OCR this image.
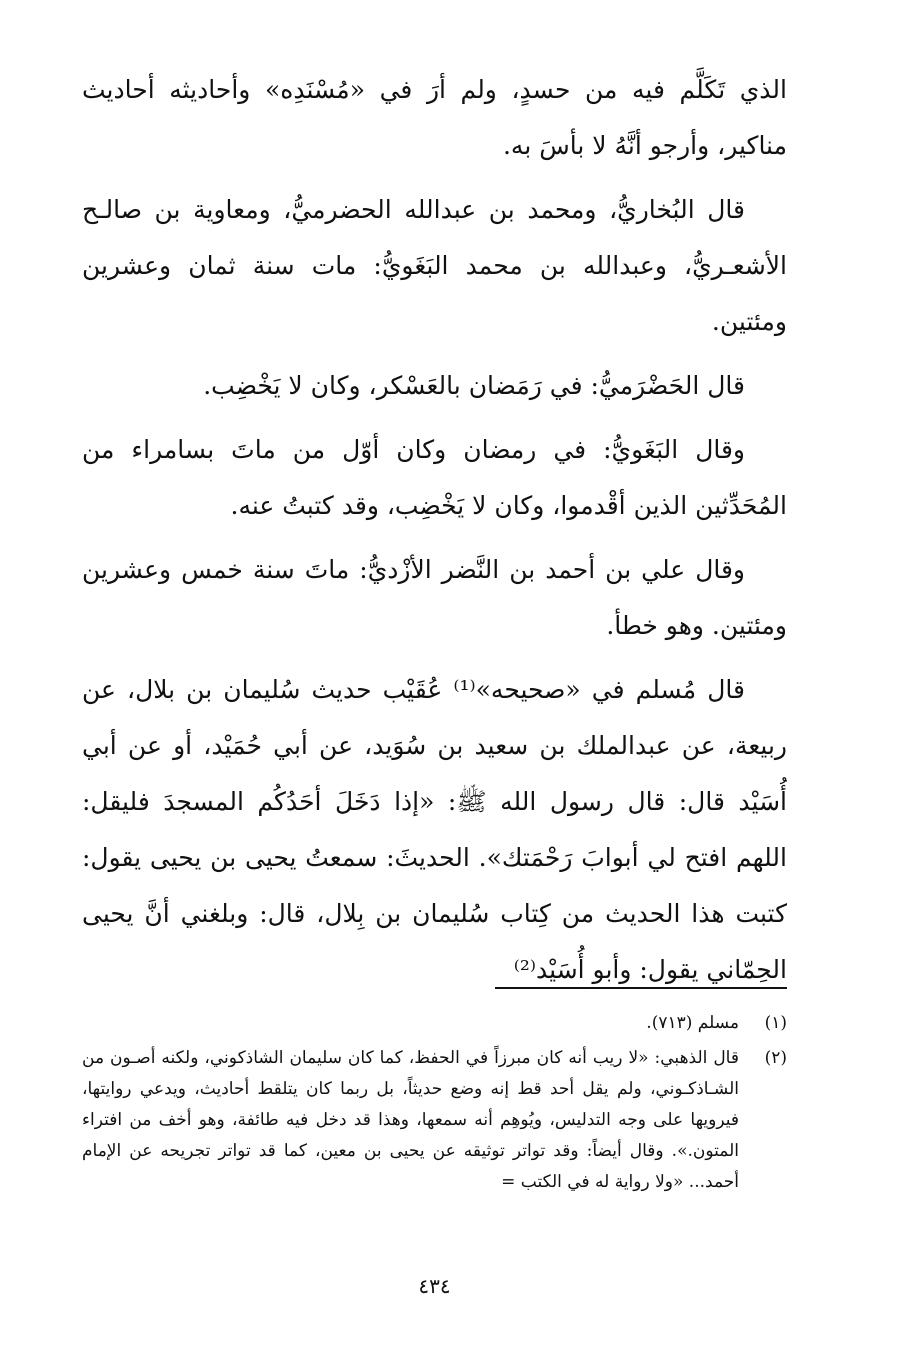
الذي تَكَلَّم فيه من حسدٍ، ولم أرَ في «مُسْنَدِه» وأحاديثه أحاديث مناكير، وأرجو أنَّهُ لا بأسَ به.

قال البُخاريُّ، ومحمد بن عبدالله الحضرميُّ، ومعاوية بن صالـح الأشعـريُّ، وعبدالله بن محمد البَغَويُّ: مات سنة ثمان وعشرين ومئتين.

قال الحَضْرَميُّ: في رَمَضان بالعَسْكر، وكان لا يَخْضِب.

وقال البَغَويُّ: في رمضان وكان أوّل من ماتَ بسامراء من المُحَدِّثين الذين أقْدموا، وكان لا يَخْضِب، وقد كتبتُ عنه.

وقال علي بن أحمد بن النَّضر الأزْديُّ: ماتَ سنة خمس وعشرين ومئتين. وهو خطأ.

قال مُسلم في «صحيحه»⁽¹⁾ عُقَيْب حديث سُليمان بن بلال، عن ربيعة، عن عبدالملك بن سعيد بن سُوَيد، عن أبي حُمَيْد، أو عن أبي أُسَيْد قال: قال رسول الله ﷺ: «إذا دَخَلَ أحَدُكُم المسجدَ فليقل: اللهم افتح لي أبوابَ رَحْمَتك». الحديثَ: سمعتُ يحيى بن يحيى يقول: كتبت هذا الحديث من كِتاب سُليمان بن بِلال، قال: وبلغني أنَّ يحيى الحِمّاني يقول: وأبو أُسَيْد⁽²⁾

(١)
مسلم (٧١٣).
(٢)
قال الذهبي: «لا ريب أنه كان مبرزاً في الحفظ، كما كان سليمان الشاذكوني، ولكنه أصـون من الشـاذكـوني، ولم يقل أحد قط إنه وضع حديثاً، بل ربما كان يتلقط أحاديث، ويدعي روايتها، فيرويها على وجه التدليس، ويُوهِم أنه سمعها، وهذا قد دخل فيه طائفة، وهو أخف من افتراء المتون.». وقال أيضاً: وقد تواتر توثيقه عن يحيى بن معين، كما قد تواتر تجريحه عن الإمام أحمد... «ولا رواية له في الكتب =
٤٣٤
